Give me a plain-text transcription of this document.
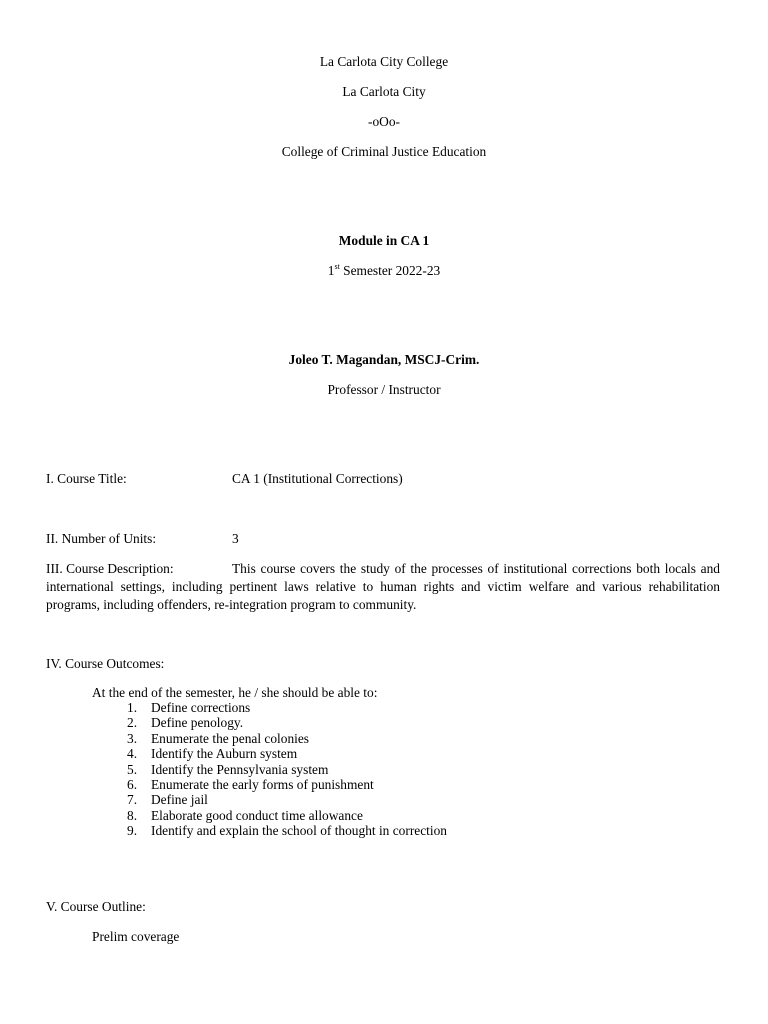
La Carlota City College
La Carlota City
-oOo-
College of Criminal Justice Education
Module in CA 1
1st Semester 2022-23
Joleo T. Magandan, MSCJ-Crim.
Professor / Instructor
I. Course Title:	CA 1 (Institutional Corrections)
II. Number of Units:	3

III. Course Description:	This course covers the study of the processes of institutional corrections both locals and international settings, including pertinent laws relative to human rights and victim welfare and various rehabilitation programs, including offenders, re-integration program to community.

IV. Course Outcomes:
At the end of the semester, he / she should be able to:
1. Define corrections
2. Define penology.
3. Enumerate the penal colonies
4. Identify the Auburn system
5. Identify the Pennsylvania system
6. Enumerate the early forms of punishment
7. Define jail
8. Elaborate good conduct time allowance
9. Identify and explain the school of thought in correction
V. Course Outline:
Prelim coverage
